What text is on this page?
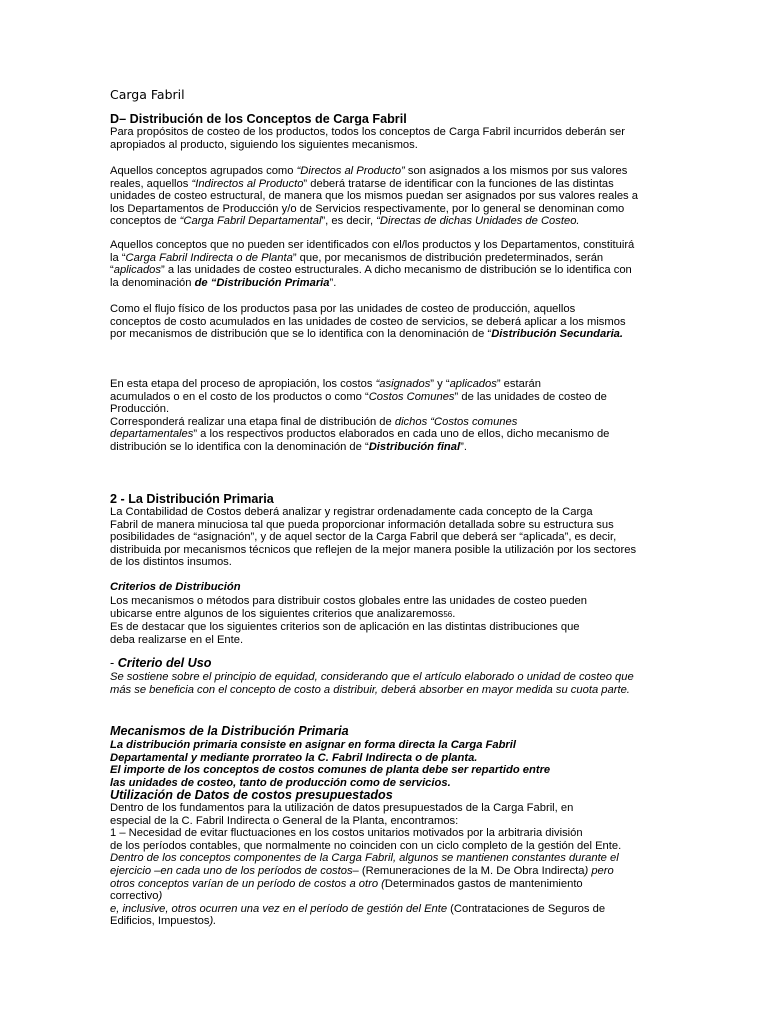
Carga Fabril
D– Distribución de los Conceptos de Carga Fabril

Para propósitos de costeo de los productos, todos los conceptos de Carga Fabril incurridos deberán ser

apropiados al producto, siguiendo los siguientes mecanismos.

Aquellos conceptos agrupados como “Directos al Producto” son asignados a los mismos por sus valores

reales, aquellos “Indirectos al Producto” deberá tratarse de identificar con la funciones de las distintas

unidades de costeo estructural, de manera que los mismos puedan ser asignados por sus valores reales a

los Departamentos de Producción y/o de Servicios respectivamente, por lo general se denominan como

conceptos de “Carga Fabril Departamental”, es decir, “Directas de dichas Unidades de Costeo.

Aquellos conceptos que no pueden ser identificados con el/los productos y los Departamentos, constituirá

la “Carga Fabril Indirecta o de Planta” que, por mecanismos de distribución predeterminados, serán

“aplicados” a las unidades de costeo estructurales. A dicho mecanismo de distribución se lo identifica con

la denominación de “Distribución Primaria”.

Como el flujo físico de los productos pasa por las unidades de costeo de producción, aquellos

conceptos de costo acumulados en las unidades de costeo de servicios, se deberá aplicar a los mismos

por mecanismos de distribución que se lo identifica con la denominación de “Distribución Secundaria.

En esta etapa del proceso de apropiación, los costos “asignados” y “aplicados” estarán

acumulados o en el costo de los productos o como “Costos Comunes” de las unidades de costeo de

Producción.

Corresponderá realizar una etapa final de distribución de dichos “Costos comunes

departamentales” a los respectivos productos elaborados en cada uno de ellos, dicho mecanismo de

distribución se lo identifica con la denominación de “Distribución final”.

2 - La Distribución Primaria

La Contabilidad de Costos deberá analizar y registrar ordenadamente cada concepto de la Carga

Fabril de manera minuciosa tal que pueda proporcionar información detallada sobre su estructura sus

posibilidades de “asignación”, y de aquel sector de la Carga Fabril que deberá ser “aplicada”, es decir,

distribuida por mecanismos técnicos que reflejen de la mejor manera posible la utilización por los sectores

de los distintos insumos.

Criterios de Distribución

Los mecanismos o métodos para distribuir costos globales entre las unidades de costeo pueden

ubicarse entre algunos de los siguientes criterios que analizaremos56.

Es de destacar que los siguientes criterios son de aplicación en las distintas distribuciones que

deba realizarse en el Ente.

- Criterio del Uso

Se sostiene sobre el principio de equidad, considerando que el artículo elaborado o unidad de costeo que

más se beneficia con el concepto de costo a distribuir, deberá absorber en mayor medida su cuota parte.

Mecanismos de la Distribución Primaria

La distribución primaria consiste en asignar en forma directa la Carga Fabril

Departamental y mediante prorrateo la C. Fabril Indirecta o de planta.

El importe de los conceptos de costos comunes de planta debe ser repartido entre

las unidades de costeo, tanto de producción como de servicios.

Utilización de Datos de costos presupuestados

Dentro de los fundamentos para la utilización de datos presupuestados de la Carga Fabril, en

especial de la C. Fabril Indirecta o General de la Planta, encontramos:

1 – Necesidad de evitar fluctuaciones en los costos unitarios motivados por la arbitraria división

de los períodos contables, que normalmente no coinciden con un ciclo completo de la gestión del Ente.

Dentro de los conceptos componentes de la Carga Fabril, algunos se mantienen constantes durante el

ejercicio –en cada uno de los períodos de costos– (Remuneraciones de la M. De Obra Indirecta) pero

otros conceptos varían de un período de costos a otro (Determinados gastos de mantenimiento

correctivo)

e, inclusive, otros ocurren una vez en el período de gestión del Ente (Contrataciones de Seguros de

Edificios, Impuestos).
